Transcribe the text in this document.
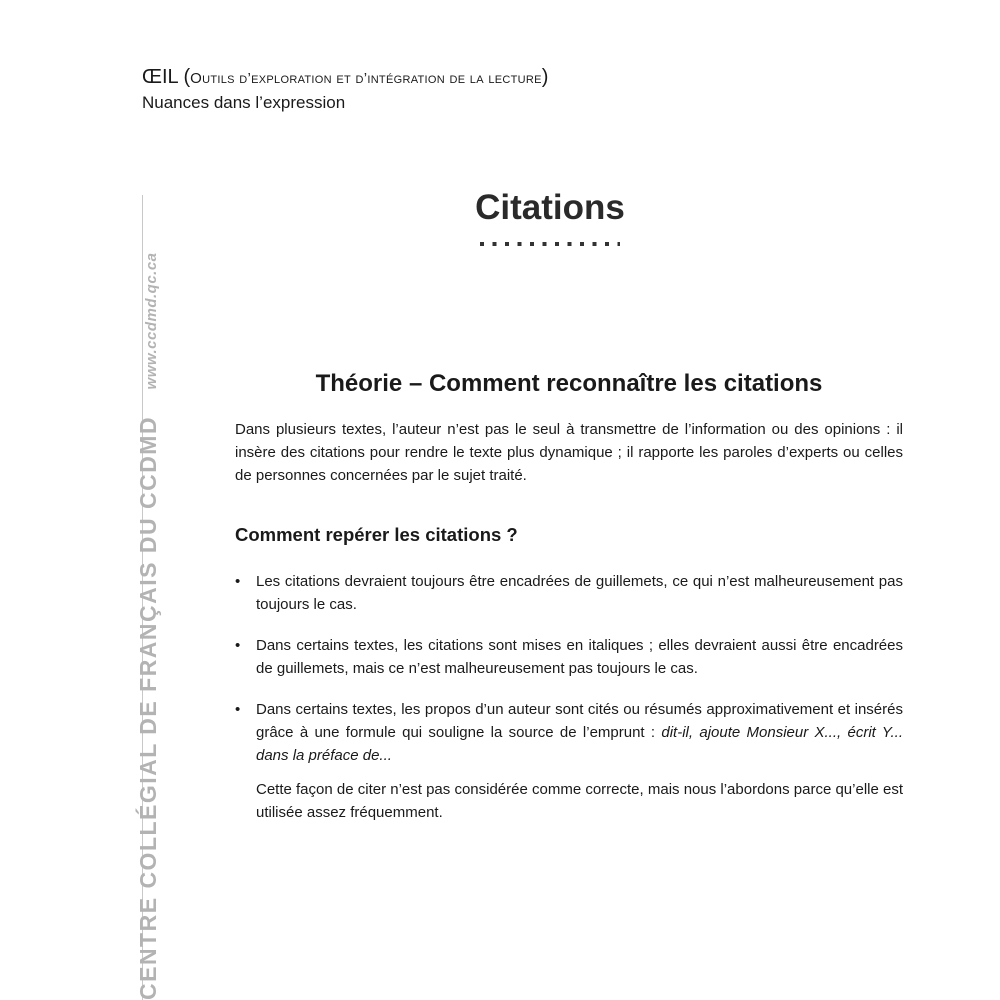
ŒIL (Outils d’exploration et d’intégration de la lecture)
Nuances dans l’expression
CENTRE COLLÉGIAL DE FRANÇAIS DU CCDMD www.ccdmd.qc.ca
Citations
Théorie – Comment reconnaître les citations

Dans plusieurs textes, l’auteur n’est pas le seul à transmettre de l’information ou des opinions : il insère des citations pour rendre le texte plus dynamique ; il rapporte les paroles d’experts ou celles de personnes concernées par le sujet traité.

Comment repérer les citations ?
• Les citations devraient toujours être encadrées de guillemets, ce qui n’est malheureusement pas toujours le cas.
• Dans certains textes, les citations sont mises en italiques ; elles devraient aussi être encadrées de guillemets, mais ce n’est malheureusement pas toujours le cas.
• Dans certains textes, les propos d’un auteur sont cités ou résumés approximativement et insérés grâce à une formule qui souligne la source de l’emprunt : dit-il, ajoute Monsieur X..., écrit Y... dans la préface de...
Cette façon de citer n’est pas considérée comme correcte, mais nous l’abordons parce qu’elle est utilisée assez fréquemment.
